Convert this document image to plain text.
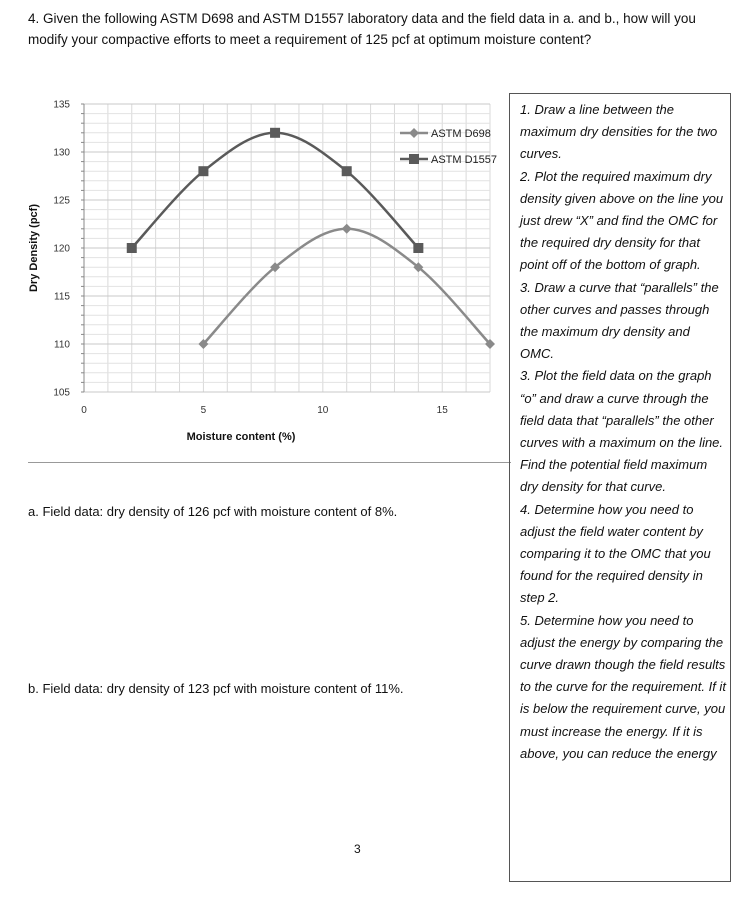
4. Given the following ASTM D698 and ASTM D1557 laboratory data and the field data in a. and b., how will you modify your compactive efforts to meet a requirement of 125 pcf at optimum moisture content?
105
110
115
120
125
130
135
0	5	10	15
Moisture content (%)
Dry Density (pcf)
ASTM D698
ASTM D1557
a. Field data: dry density of 126 pcf with moisture content of 8%.
b. Field data: dry density of 123 pcf with moisture content of 11%.
3

1. Draw a line between the maximum dry densities for the two curves.

2. Plot the required maximum dry density given above on the line you just drew “X” and find the OMC for the required dry density for that point off of the bottom of graph.

3. Draw a curve that “parallels” the other curves and passes through the maximum dry density and OMC.

3. Plot the field data on the graph “o” and draw a curve through the field data that “parallels” the other curves with a maximum on the line. Find the potential field maximum dry density for that curve.

4. Determine how you need to adjust the field water content by comparing it to the OMC that you found for the required density in step 2.

5. Determine how you need to adjust the energy by comparing the curve drawn though the field results to the curve for the requirement. If it is below the requirement curve, you must increase the energy. If it is above, you can reduce the energy
